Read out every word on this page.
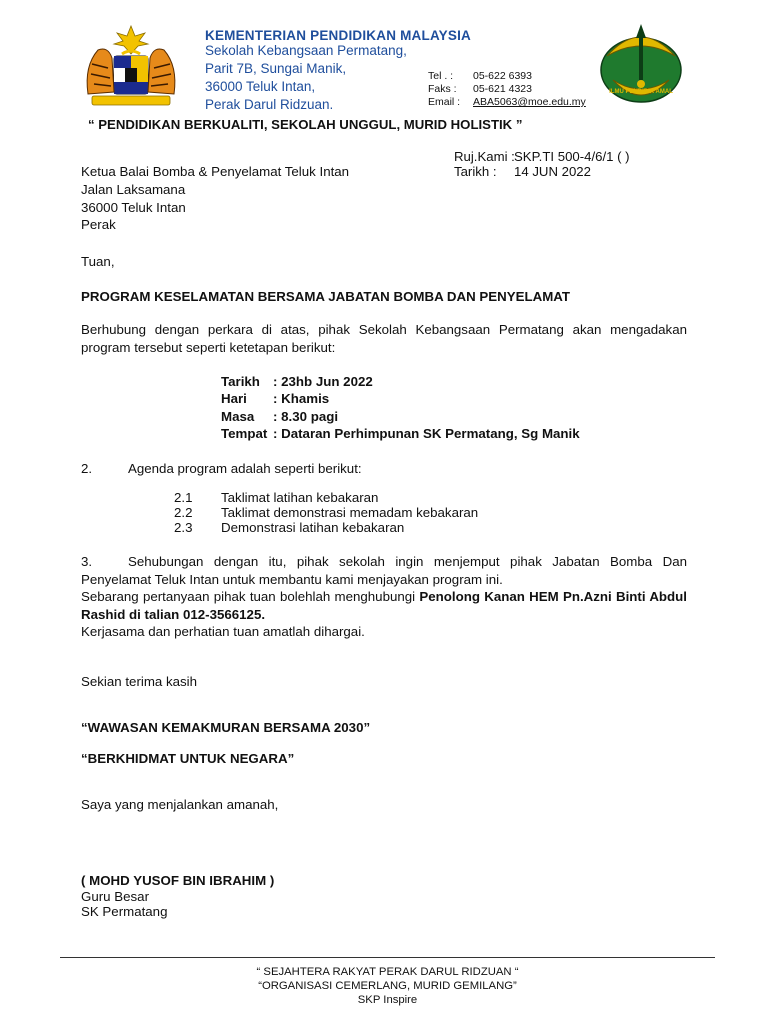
KEMENTERIAN PENDIDIKAN MALAYSIA
Sekolah Kebangsaan Permatang,
Parit 7B, Sungai Manik,
36000 Teluk Intan,
Perak Darul Ridzuan.
Tel . : 05-622 6393
Faks : 05-621 4323
Email : ABA5063@moe.edu.my
ILMU PENDIDIK AMAL
“ PENDIDIKAN BERKUALITI, SEKOLAH UNGGUL, MURID HOLISTIK ”
Ruj.Kami :SKP.TI 500-4/6/1 ( )
Tarikh : 14 JUN 2022
Ketua Balai Bomba & Penyelamat Teluk Intan
Jalan Laksamana
36000 Teluk Intan
Perak
Tuan,
PROGRAM KESELAMATAN BERSAMA JABATAN BOMBA DAN PENYELAMAT
Berhubung dengan perkara di atas, pihak Sekolah Kebangsaan Permatang akan mengadakan program tersebut seperti ketetapan berikut:
Tarikh : 23hb Jun 2022
Hari : Khamis
Masa : 8.30 pagi
Tempat : Dataran Perhimpunan SK Permatang, Sg Manik
2.	Agenda program adalah seperti berikut:
2.1 Taklimat latihan kebakaran
2.2 Taklimat demonstrasi memadam kebakaran
2.3 Demonstrasi latihan kebakaran
3.	Sehubungan dengan itu, pihak sekolah ingin menjemput pihak Jabatan Bomba Dan Penyelamat Teluk Intan untuk membantu kami menjayakan program ini.
Sebarang pertanyaan pihak tuan bolehlah menghubungi Penolong Kanan HEM Pn.Azni Binti Abdul Rashid di talian 012-3566125.
Kerjasama dan perhatian tuan amatlah dihargai.
Sekian terima kasih
“WAWASAN KEMAKMURAN BERSAMA 2030”
“BERKHIDMAT UNTUK NEGARA”
Saya yang menjalankan amanah,
( MOHD YUSOF BIN IBRAHIM )
Guru Besar
SK Permatang
“ SEJAHTERA RAKYAT PERAK DARUL RIDZUAN “
“ORGANISASI CEMERLANG, MURID GEMILANG”
SKP Inspire
